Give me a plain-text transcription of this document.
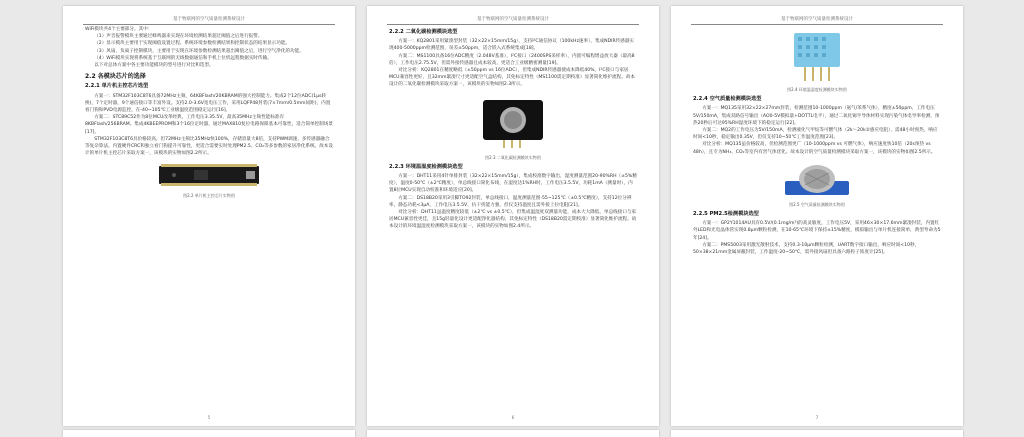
基于物联网的空气质量检测系统设计

WiFi模块共4个主要部分。其中：

（1）声音报警模块主要通过蜂鸣器来实现在环境检测结果超过阈值之后进行报警。

（2）显示模块主要用于实现阈值设置过程、系统环境参数检测结果和控制状态的结果显示功能。

（3）风扇、负离子控制模块，主要用于实现在环境参数检测结果超出阈值之后，进行空气净化的功能。

（4）WiFi模块实现将系统基于互联网的无线数据通信和手机上位机远程数据实时传输。

以下对总体方案中各主要功能模块的型号进行对比和选型。

2.2 各模块芯片的选择
2.2.1 单片机主控芯片选型

方案一：STM32F103C8T6具备72MHz主频，64KBFlash/20KBRAM的强大控制能力。集成2个12位ADC(1μs转换)，7个定时器，9个通信接口等丰富外设。支持2.0-3.6V宽电压工作，采用LQFP48封装(7×7mm/0.5mm间距)，内置看门狗和PVD电源监控，在-40~105℃工业级温度范围稳定运行[16]。

方案二：STC89C52作为8位MCU改革经典，工作电压3.35.5V，最高35MHz主频性能标准有8KBFlash/256BRAM。集成4KBEEPROM和3个16位定时器，通过MAX810复位电路保障基本可靠性，适合简单控制场景[17]。

STM32F103C8T6具价格较高，但72MHz主频比35MHz快100%，存储容量大8倍，支持PWM调速、多传感器融合等复杂算法。内置硬件CRC和独立看门狗提升可靠性，更适合需要实时处理PM2.5、CO₂等多参数的家居净化系统。故本设计的单片机主控芯片采取方案一，该模块的实物如图2.2所示。

图2.2 单片机主控芯片实物图
5
基于物联网的空气质量检测系统设计
2.2.2 二氧化碳检测模块选型

方案一：KQ2801采用紧凑型封装（32×22×15mm/15g），支持I²C通信协议（100kHz速率），集成NDIR传感器实现400-5000ppm检测范围，误差±50ppm，适合嵌入式系统集成[18]。

方案二：MS1100具备16位ADC精度（2.048V基准），I²C接口（2400SPS采样率），内置可编程增益放大器（最高8倍），工作电压2.75.5V，但需外接传感器且成本较高，更适合工业级精密测量[19]。

对比分析：KQ2801在精度略低（±50ppm vs 16位ADC），但集成NDIR传感器使成本降低40%，I²C接口与家居MCU兼容性更好，且32mm紧凑尺寸更适配空气盒结构，其免标定特性（MS1100需定期校准）显著简化维护流程。故本设计的二氧化碳检测模块采取方案一，该模块的实物如图2.3所示。

图2.3 二氧化碳检测模块实物图
2.2.3 环境温湿度检测模块选型

方案一：DHT11采用4针单排封装（32×22×15mm/15g），集成校准数字输出，湿度测量范围20-90%RH（±5%精度），温度0-50℃（±2℃精度），单总线接口简化布线，在湿度达1%RH时，工作电压3.5.5V，功耗1mA（测量时），内置8位MCU实现自动校准和环境适应[20]。

方案二：DS18B20采用3引脚TO92封装，单总线接口，温度测量范围-55~125℃（±0.5℃精度），支持12位分辨率，静态功耗<3μA，工作电压3.5.5V，抗干扰能力强，但仅支持温度且需外接上拉电阻[21]。

对比分析：DHT11虽温度精度较低（±2℃ vs ±0.5℃），但集成温湿度双测量功能，成本大大降低，单总线接口与家居MCU兼容性更佳，且15g轻量化设计更适配净化器结构，其免标定特性（DS18B20需定期校准）显著简化维护流程。故本设计的环境温湿度检测模块采取方案一，该模块的实物如图2.4所示。

6
基于物联网的空气质量检测系统设计
图2.4 环境温湿度检测模块实物图
2.2.4 空气质量检测模块选型

方案一：MQ135采用32×22×27mm封装，检测范围10-1000ppm（氨气/苯系气体），精度±50ppm，工作电压5V/150mA，集成双路信号输出（AO0-5V模拟量+DOTTL电平），通过二氧化锡半导体材料实现污染气体电导率检测，预热20秒后可达95%RH湿度环境下的稳定运行[22]。

方案二：MQ2的工作电压为5V/150mA，检测液化气甲烷等可燃气体（2k～20k②感应电阻），需48小时预热，响应时间<10秒，稳定输出0.35V，但仅支持10~50℃工作温度范围[23]。

对比分析：MQ135虽价格较高，但检测范围更广（10-1000ppm vs 可燃气体），响应速度快10倍（20s预热 vs 48h），且专为NH₃、CO₂等室内有害气体优化。故本设计的空气质量检测模块采取方案一，该模块的实物如图2.5所示。

图2.5 空气质量检测模块实物图
2.2.5 PM2.5检测模块选型

方案一：GP2Y1014AU具有0.5V/(0.1mg/m³)的高灵敏度，工作电压5V，采用46×30×17.6mm紧凑封装，内置红外LED和光电晶体管实现0.8μm颗粒检测，在10-65℃环境下保持±15%精度，模拟输出与单片机连接简单，典型寿命为5年[24]。

方案二：PMS5003采用激光散射技术，支持0.3-10μm颗粒检测，UART数字接口输出，响应时间<10秒，50×38×21mm金属屏蔽封装，工作温度-20~50℃，需外接风扇但具备六路粒子浓度计[25]。

7
